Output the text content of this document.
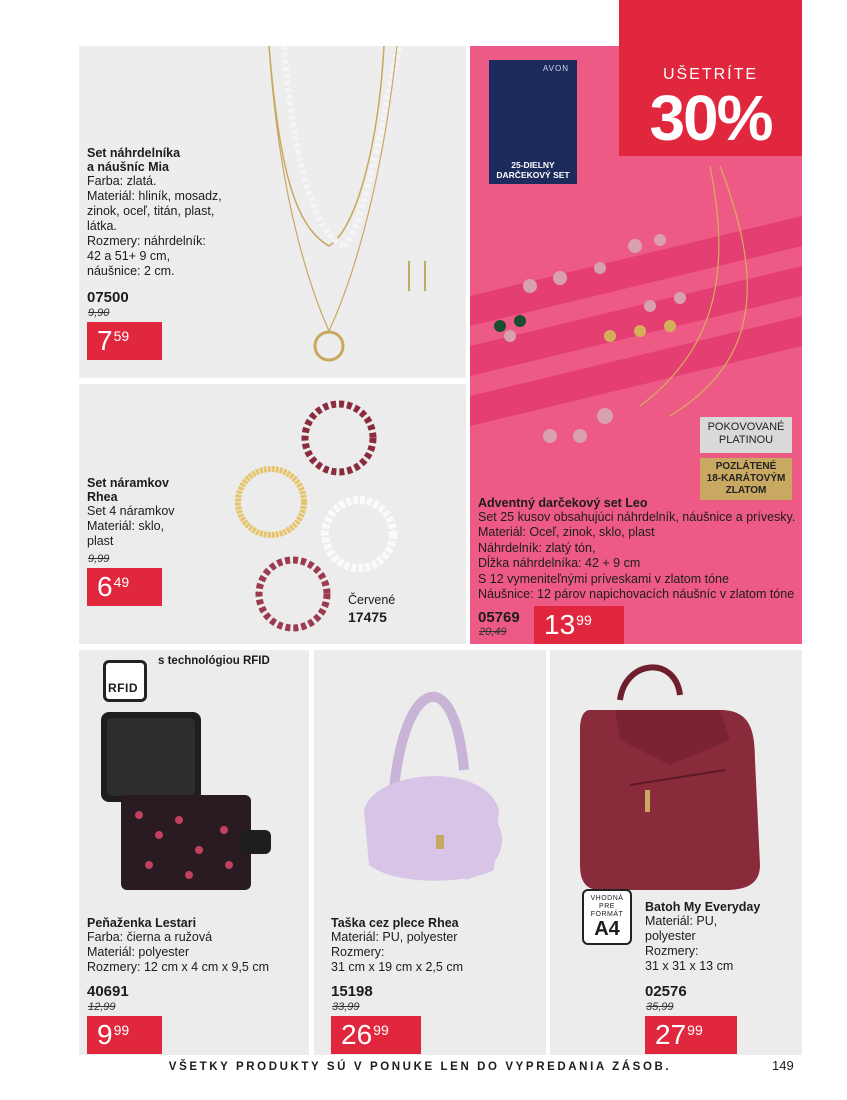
Set náhrdelníka
a náušníc Mia
Farba: zlatá.
Materiál: hliník, mosadz,
zinok, oceľ, titán, plast,
látka.
Rozmery: náhrdelník:
42 a 51+ 9 cm,
náušnice: 2 cm.
07500
9,90
7 59
Set náramkov
Rhea
Set 4 náramkov
Materiál: sklo,
plast
9,99
6 49
Červené
17475
AVON
25-DIELNY
DARČEKOVÝ SET
POKOVOVANÉ
PLATINOU
POZLÁTENÉ
18-KARÁTOVÝM
ZLATOM
Adventný darčekový set Leo
Set 25 kusov obsahujúci náhrdelník, náušnice a prívesky.
Materiál: Oceľ, zinok, sklo, plast
Náhrdelník: zlatý tón,
Dĺžka náhrdelníka: 42 + 9 cm
S 12 vymeniteľnými príveskami v zlatom tóne
Náušnice: 12 párov napichovacích náušníc v zlatom tóne
05769
20,49 13 99
UŠETRÍTE
30%
RFID
s technológiou RFID
Peňaženka Lestari
Farba: čierna a ružová
Materiál: polyester
Rozmery: 12 cm x 4 cm x 9,5 cm
40691
12,99
9 99
Taška cez plece Rhea
Materiál: PU, polyester
Rozmery:
31 cm x 19 cm x 2,5 cm
15198
33,99
26 99
VHODNÁ
PRE
FORMÁT
A4
Batoh My Everyday
Materiál: PU,
polyester
Rozmery:
31 x 31 x 13 cm
02576
35,99
27 99
VŠETKY PRODUKTY SÚ V PONUKE LEN DO VYPREDANIA ZÁSOB.	149
